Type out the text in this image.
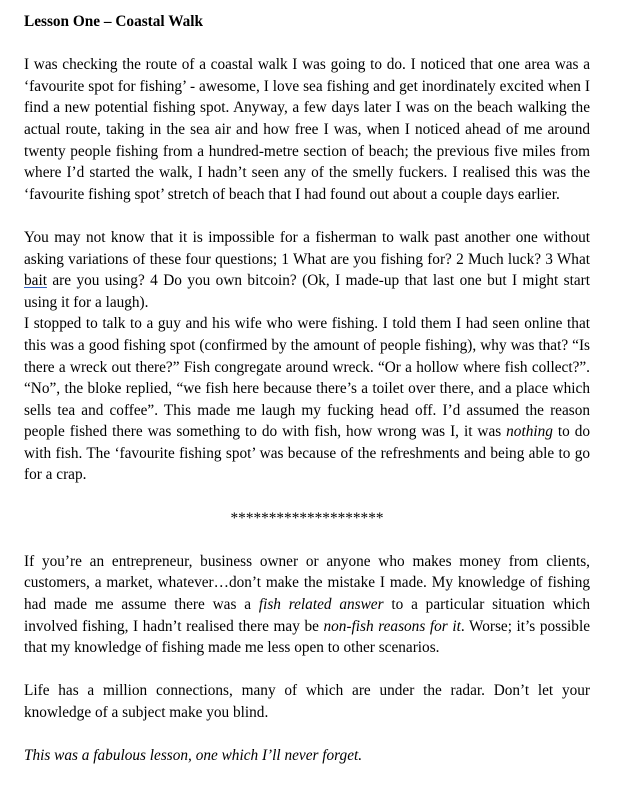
Lesson One – Coastal Walk

I was checking the route of a coastal walk I was going to do. I noticed that one area was a ‘favourite spot for fishing’ - awesome, I love sea fishing and get inordinately excited when I find a new potential fishing spot. Anyway, a few days later I was on the beach walking the actual route, taking in the sea air and how free I was, when I noticed ahead of me around twenty people fishing from a hundred-metre section of beach; the previous five miles from where I’d started the walk, I hadn’t seen any of the smelly fuckers. I realised this was the ‘favourite fishing spot’ stretch of beach that I had found out about a couple days earlier.

You may not know that it is impossible for a fisherman to walk past another one without asking variations of these four questions; 1 What are you fishing for? 2 Much luck? 3 What bait are you using? 4 Do you own bitcoin? (Ok, I made-up that last one but I might start using it for a laugh).

I stopped to talk to a guy and his wife who were fishing. I told them I had seen online that this was a good fishing spot (confirmed by the amount of people fishing), why was that? “Is there a wreck out there?” Fish congregate around wreck. “Or a hollow where fish collect?”. “No”, the bloke replied, “we fish here because there’s a toilet over there, and a place which sells tea and coffee”. This made me laugh my fucking head off. I’d assumed the reason people fished there was something to do with fish, how wrong was I, it was nothing to do with fish. The ‘favourite fishing spot’ was because of the refreshments and being able to go for a crap.

********************

If you’re an entrepreneur, business owner or anyone who makes money from clients, customers, a market, whatever…don’t make the mistake I made. My knowledge of fishing had made me assume there was a fish related answer to a particular situation which involved fishing, I hadn’t realised there may be non-fish reasons for it. Worse; it’s possible that my knowledge of fishing made me less open to other scenarios.

Life has a million connections, many of which are under the radar. Don’t let your knowledge of a subject make you blind.

This was a fabulous lesson, one which I’ll never forget.
